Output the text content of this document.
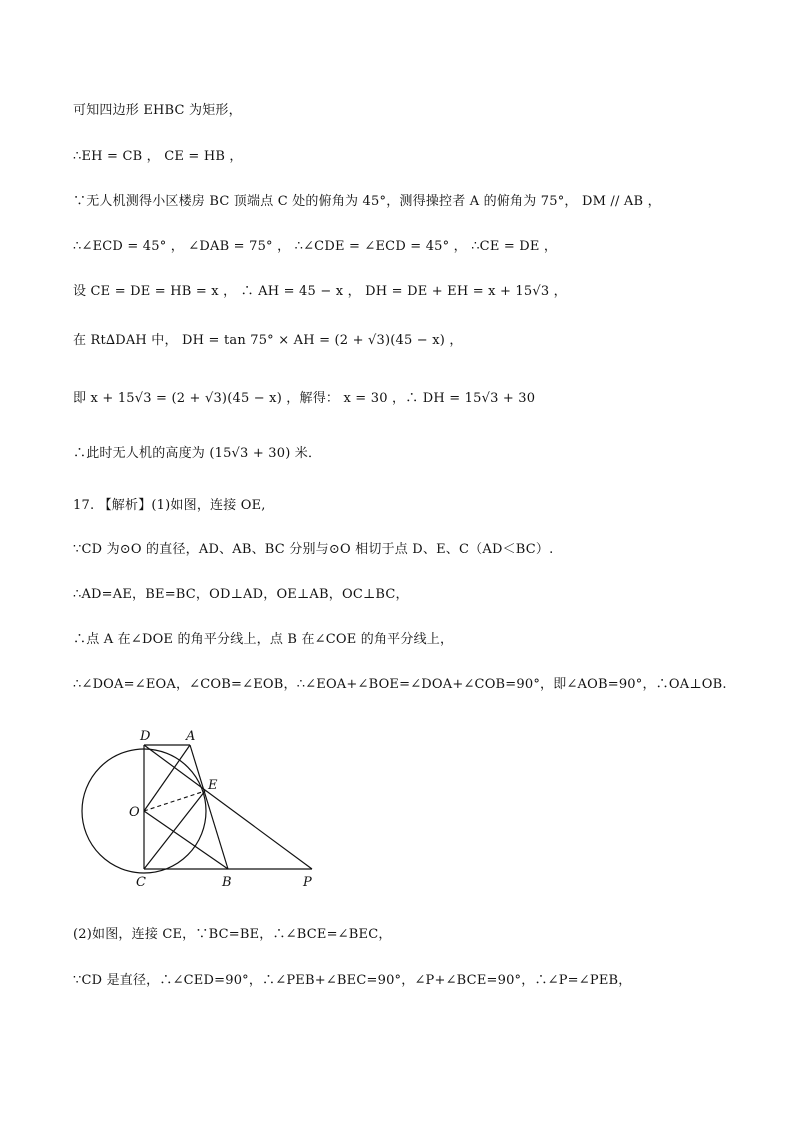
可知四边形 EHBC 为矩形，
∴EH = CB ， CE = HB ，
∵无人机测得小区楼房 BC 顶端点 C 处的俯角为 45°，测得操控者 A 的俯角为 75°， DM // AB ，
∴∠ECD = 45° ， ∠DAB = 75° ， ∴∠CDE = ∠ECD = 45° ， ∴CE = DE ，
设 CE = DE = HB = x ， ∴ AH = 45 − x ， DH = DE + EH = x + 15√3 ，
在 Rt∆DAH 中， DH = tan 75° × AH = (2 + √3)(45 − x) ，
即 x + 15√3 = (2 + √3)(45 − x) ，解得： x = 30 ，∴ DH = 15√3 + 30
∴此时无人机的高度为 (15√3 + 30) 米．
17. 【解析】(1)如图，连接 OE,
∵CD 为⊙O 的直径，AD、AB、BC 分别与⊙O 相切于点 D、E、C（AD＜BC）.
∴AD=AE，BE=BC，OD⊥AD，OE⊥AB，OC⊥BC，
∴点 A 在∠DOE 的角平分线上，点 B 在∠COE 的角平分线上，
∴∠DOA=∠EOA，∠COB=∠EOB，∴∠EOA+∠BOE=∠DOA+∠COB=90°，即∠AOB=90°，∴OA⊥OB.
D	A
E
O
C	B	P
(2)如图，连接 CE，∵BC=BE，∴∠BCE=∠BEC，
∵CD 是直径，∴∠CED=90°，∴∠PEB+∠BEC=90°，∠P+∠BCE=90°，∴∠P=∠PEB，
